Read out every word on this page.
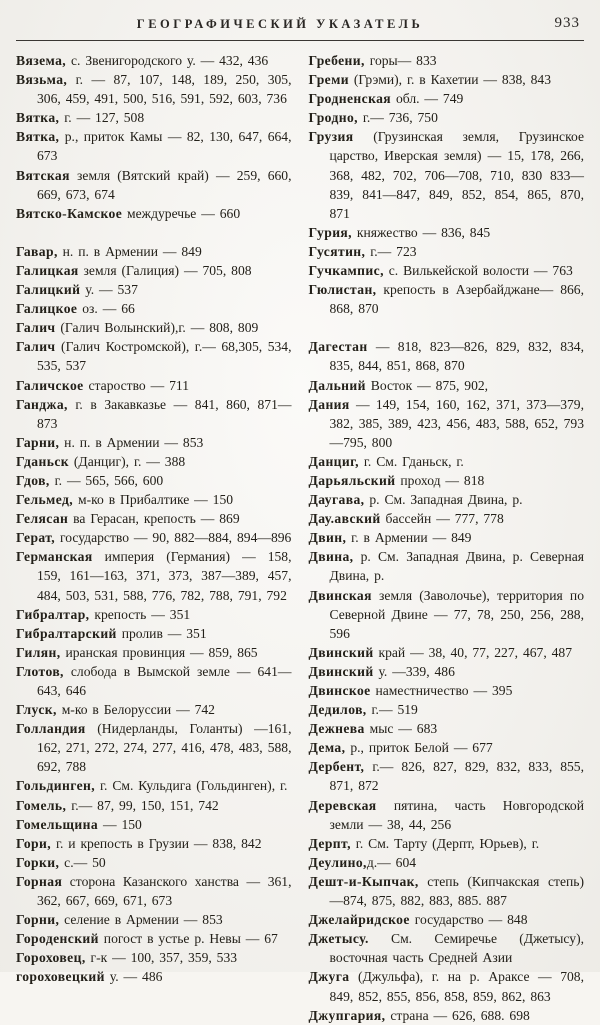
ГЕОГРАФИЧЕСКИЙ УКАЗАТЕЛЬ	933

Вязема, с. Звенигородского у. — 432, 436

Вязьма, г. — 87, 107, 148, 189, 250, 305, 306, 459, 491, 500, 516, 591, 592, 603, 736

Вятка, г. — 127, 508

Вятка, р., приток Камы — 82, 130, 647, 664, 673

Вятская земля (Вятский край) — 259, 660, 669, 673, 674

Вятско-Камское междуречье — 660

Гавар, н. п. в Армении — 849

Галицкая земля (Галиция) — 705, 808

Галицкий у. — 537

Галицкое оз. — 66

Галич (Галич Волынский),г. — 808, 809

Галич (Галич Костромской), г.— 68,305, 534, 535, 537

Галичское староство — 711

Ганджа, г. в Закавказье — 841, 860, 871—873

Гарни, н. п. в Армении — 853

Гданьск (Данциг), г. — 388

Гдов, г. — 565, 566, 600

Гельмед, м-ко в Прибалтике — 150

Гелясан ва Герасан, крепость — 869

Герат, государство — 90, 882—884, 894—896

Германская империя (Германия) — 158, 159, 161—163, 371, 373, 387—389, 457, 484, 503, 531, 588, 776, 782, 788, 791, 792

Гибралтар, крепость — 351

Гибралтарский пролив — 351

Гилян, иранская провинция — 859, 865

Глотов, слобода в Вымской земле — 641—643, 646

Глуск, м-ко в Белоруссии — 742

Голландия (Нидерланды, Голанты) —161, 162, 271, 272, 274, 277, 416, 478, 483, 588, 692, 788

Гольдинген, г. См. Кульдига (Гольдинген), г.

Гомель, г.— 87, 99, 150, 151, 742

Гомельщина — 150

Гори, г. и крепость в Грузии — 838, 842

Горки, с.— 50

Горная сторона Казанского ханства — 361, 362, 667, 669, 671, 673

Горни, селение в Армении — 853

Городенский погост в устье р. Невы — 67

Гороховец, г-к — 100, 357, 359, 533

гороховецкий у. — 486

Гребени, горы— 833

Греми (Грэми), г. в Кахетии — 838, 843

Гродненская обл. — 749

Гродно, г.— 736, 750

Грузия (Грузинская земля, Грузинское царство, Иверская земля) — 15, 178, 266, 368, 482, 702, 706—708, 710, 830 833—839, 841—847, 849, 852, 854, 865, 870, 871

Гурия, княжество — 836, 845

Гусятин, г.— 723

Гучкампис, с. Вилькейской волости — 763

Гюлистан, крепость в Азербайджане— 866, 868, 870

Дагестан — 818, 823—826, 829, 832, 834, 835, 844, 851, 868, 870

Дальний Восток — 875, 902,

Дания — 149, 154, 160, 162, 371, 373—379, 382, 385, 389, 423, 456, 483, 588, 652, 793—795, 800

Данциг, г. См. Гданьск, г.

Дарьяльский проход — 818

Даугава, р. См. Западная Двина, р.

Дау.авский бассейн — 777, 778

Двин, г. в Армении — 849

Двина, р. См. Западная Двина, р. Северная Двина, р.

Двинская земля (Заволочье), территория по Северной Двине — 77, 78, 250, 256, 288, 596

Двинский край — 38, 40, 77, 227, 467, 487

Двинский у. —339, 486

Двинское наместничество — 395

Дедилов, г.— 519

Дежнева мыс — 683

Дема, р., приток Белой — 677

Дербент, г.— 826, 827, 829, 832, 833, 855, 871, 872

Деревская пятина, часть Новгородской земли — 38, 44, 256

Дерпт, г. См. Тарту (Дерпт, Юрьев), г.

Деулино,д.— 604

Дешт-и-Кыпчак, степь (Кипчакская степь) —874, 875, 882, 883, 885. 887

Джелайридское государство — 848

Джетысу. См. Семиречье (Джетысу), восточная часть Средней Азии

Джуга (Джульфа), г. на р. Араксе — 708, 849, 852, 855, 856, 858, 859, 862, 863

Джупгария, страна — 626, 688. 698
